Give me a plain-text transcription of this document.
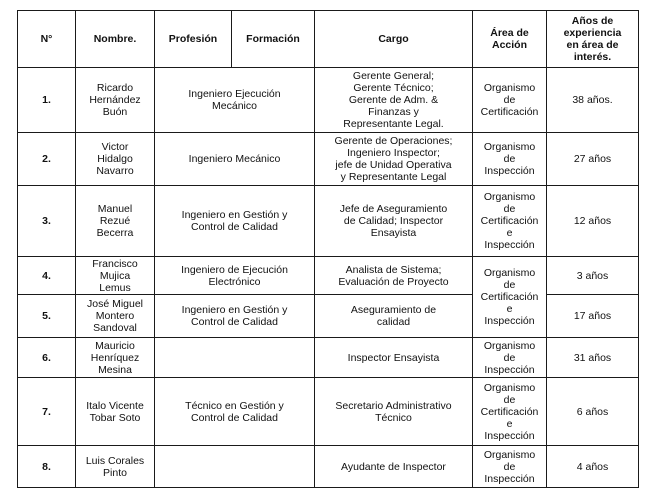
N°	Nombre.	Profesión	Formación	Cargo	Área de
Acción	Años de
experiencia
en área de
interés.
1.	Ricardo
Hernández
Buón	Ingeniero Ejecución
Mecánico		Gerente General;
Gerente Técnico;
Gerente de Adm. &
Finanzas y
Representante Legal.	Organismo
de
Certificación	38 años.
2.	Victor
Hidalgo
Navarro	Ingeniero Mecánico		Gerente de Operaciones;
Ingeniero Inspector;
jefe de Unidad Operativa
y Representante Legal	Organismo
de
Inspección	27 años
3.	Manuel
Rezué
Becerra	Ingeniero en Gestión y
Control de Calidad		Jefe de Aseguramiento
de Calidad; Inspector
Ensayista	Organismo
de
Certificación
e
Inspección	12 años
4.	Francisco
Mujica
Lemus	Ingeniero de Ejecución
Electrónico		Analista de Sistema;
Evaluación de Proyecto	Organismo
de
Certificación
e
Inspección	3 años
5.	José Miguel
Montero
Sandoval	Ingeniero en Gestión y
Control de Calidad		Aseguramiento de
calidad		17 años
6.	Mauricio
Henríquez
Mesina			Inspector Ensayista	Organismo
de
Inspección	31 años
7.	Italo Vicente
Tobar Soto	Técnico en Gestión y
Control de Calidad		Secretario Administrativo
Técnico	Organismo
de
Certificación
e
Inspección	6 años
8.	Luis Corales
Pinto			Ayudante de Inspector	Organismo
de
Inspección	4 años
